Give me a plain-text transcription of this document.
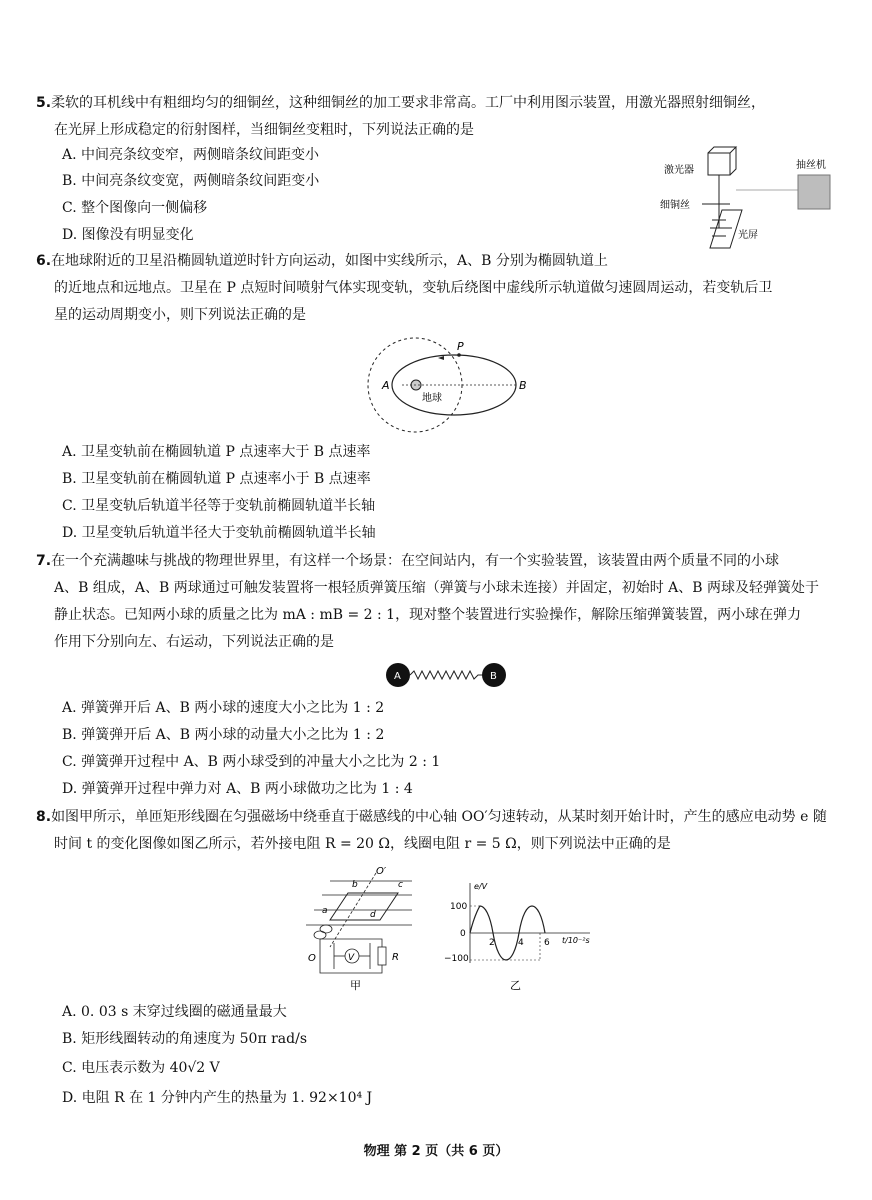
5.柔软的耳机线中有粗细均匀的细铜丝，这种细铜丝的加工要求非常高。工厂中利用图示装置，用激光器照射细铜丝，
在光屏上形成稳定的衍射图样，当细铜丝变粗时，下列说法正确的是
A. 中间亮条纹变窄，两侧暗条纹间距变小
B. 中间亮条纹变宽，两侧暗条纹间距变小
C. 整个图像向一侧偏移
D. 图像没有明显变化
激光器	抽丝机
细铜丝
光屏
6.在地球附近的卫星沿椭圆轨道逆时针方向运动，如图中实线所示，A、B 分别为椭圆轨道上
的近地点和远地点。卫星在 P 点短时间喷射气体实现变轨，变轨后绕图中虚线所示轨道做匀速圆周运动，若变轨后卫
星的运动周期变小，则下列说法正确的是
P
A	B
地球
A. 卫星变轨前在椭圆轨道 P 点速率大于 B 点速率
B. 卫星变轨前在椭圆轨道 P 点速率小于 B 点速率
C. 卫星变轨后轨道半径等于变轨前椭圆轨道半长轴
D. 卫星变轨后轨道半径大于变轨前椭圆轨道半长轴
7.在一个充满趣味与挑战的物理世界里，有这样一个场景：在空间站内，有一个实验装置，该装置由两个质量不同的小球
A、B 组成，A、B 两球通过可触发装置将一根轻质弹簧压缩（弹簧与小球未连接）并固定，初始时 A、B 两球及轻弹簧处于
静止状态。已知两小球的质量之比为 mA : mB = 2 : 1，现对整个装置进行实验操作，解除压缩弹簧装置，两小球在弹力
作用下分别向左、右运动，下列说法正确的是
A	B
A. 弹簧弹开后 A、B 两小球的速度大小之比为 1 : 2
B. 弹簧弹开后 A、B 两小球的动量大小之比为 1 : 2
C. 弹簧弹开过程中 A、B 两小球受到的冲量大小之比为 2 : 1
D. 弹簧弹开过程中弹力对 A、B 两小球做功之比为 1 : 4
8.如图甲所示，单匝矩形线圈在匀强磁场中绕垂直于磁感线的中心轴 OO′匀速转动，从某时刻开始计时，产生的感应电动势 e 随
时间 t 的变化图像如图乙所示，若外接电阻 R = 20 Ω，线圈电阻 r = 5 Ω，则下列说法中正确的是
O′
b	c
a	d
O	V	R
甲
e/V
t/10⁻²s
100
0
−100
2	4 6
乙
A. 0. 03 s 末穿过线圈的磁通量最大
B. 矩形线圈转动的角速度为 50π rad/s
C. 电压表示数为 40√2 V
D. 电阻 R 在 1 分钟内产生的热量为 1. 92×10⁴ J
物理 第 2 页（共 6 页）
